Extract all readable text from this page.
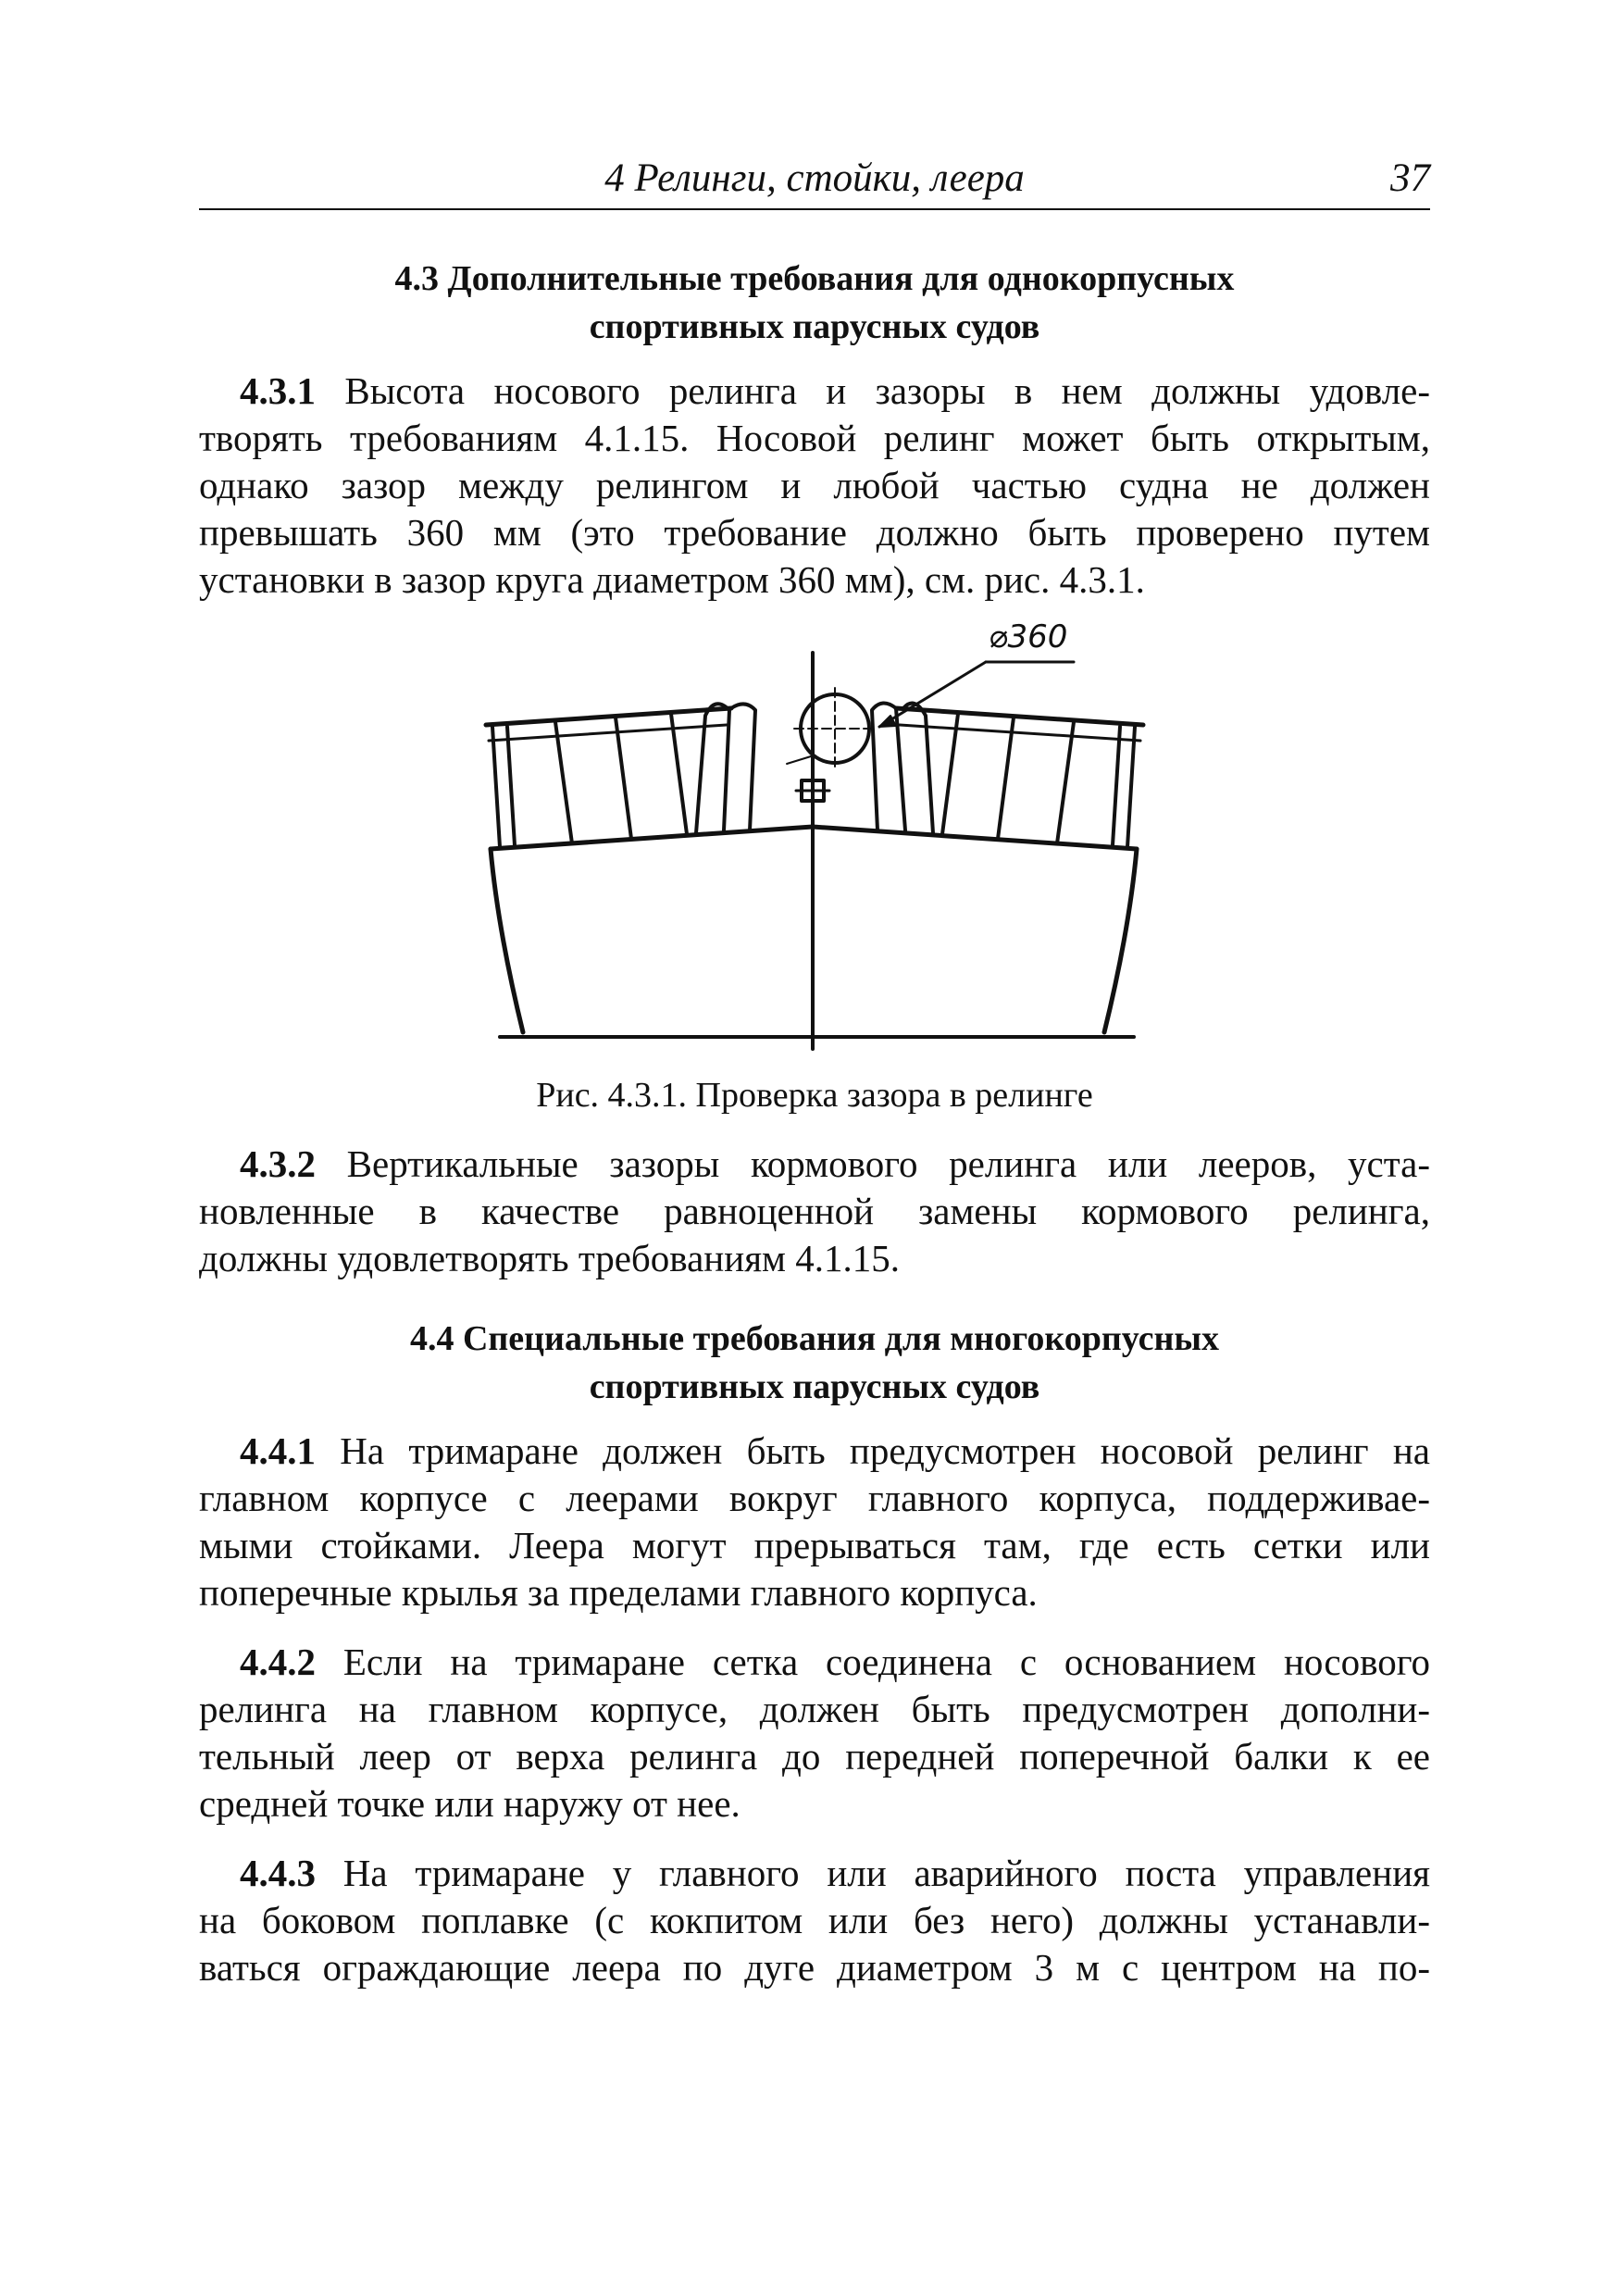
4 Релинги, стойки, леера	37
4.3 Дополнительные требования для однокорпусных
спортивных парусных судов
4.3.1 Высота носового релинга и зазоры в нем должны удовле-
творять требованиям 4.1.15. Носовой релинг может быть открытым,
однако зазор между релингом и любой частью судна не должен
превышать 360 мм (это требование должно быть проверено путем
установки в зазор круга диаметром 360 мм), см. рис. 4.3.1.
⌀360
Рис. 4.3.1. Проверка зазора в релинге
4.3.2 Вертикальные зазоры кормового релинга или лееров, уста-
новленные в качестве равноценной замены кормового релинга,
должны удовлетворять требованиям 4.1.15.
4.4 Специальные требования для многокорпусных
спортивных парусных судов
4.4.1 На тримаране должен быть предусмотрен носовой релинг на
главном корпусе с леерами вокруг главного корпуса, поддерживае-
мыми стойками. Леера могут прерываться там, где есть сетки или
поперечные крылья за пределами главного корпуса.
4.4.2 Если на тримаране сетка соединена с основанием носового
релинга на главном корпусе, должен быть предусмотрен дополни-
тельный леер от верха релинга до передней поперечной балки к ее
средней точке или наружу от нее.
4.4.3 На тримаране у главного или аварийного поста управления
на боковом поплавке (с кокпитом или без него) должны устанавли-
ваться ограждающие леера по дуге диаметром 3 м с центром на по-
